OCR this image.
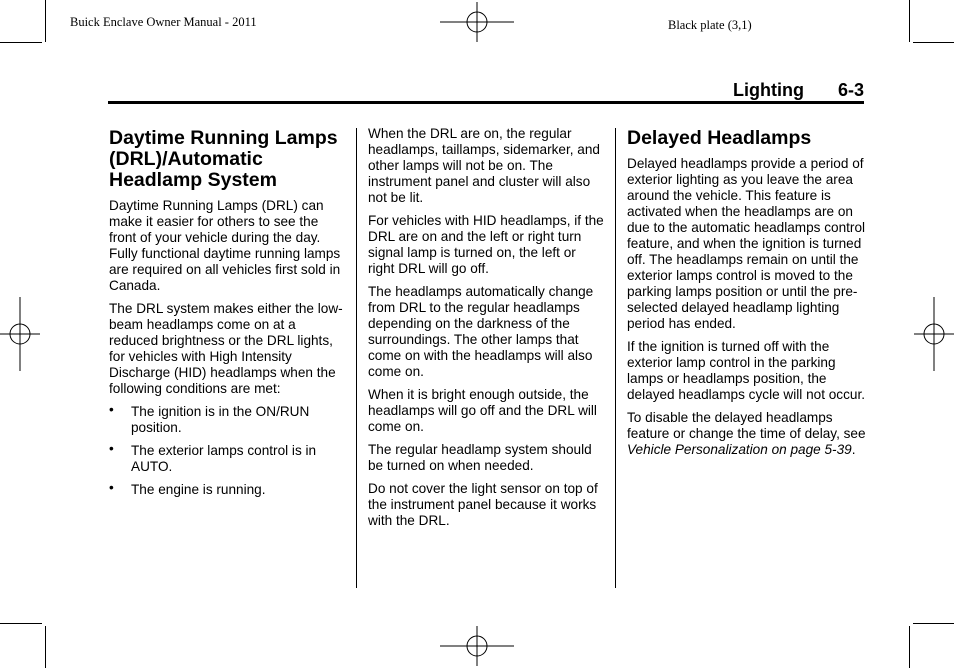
Buick Enclave Owner Manual - 2011	Black plate (3,1)
Lighting 6-3
Daytime Running Lamps (DRL)/Automatic Headlamp System

Daytime Running Lamps (DRL) can make it easier for others to see the front of your vehicle during the day. Fully functional daytime running lamps are required on all vehicles first sold in Canada.

The DRL system makes either the low-beam headlamps come on at a reduced brightness or the DRL lights, for vehicles with High Intensity Discharge (HID) headlamps when the following conditions are met:

• The ignition is in the ON/RUN position.
• The exterior lamps control is in AUTO.
• The engine is running.

When the DRL are on, the regular headlamps, taillamps, sidemarker, and other lamps will not be on. The instrument panel and cluster will also not be lit.

For vehicles with HID headlamps, if the DRL are on and the left or right turn signal lamp is turned on, the left or right DRL will go off.

The headlamps automatically change from DRL to the regular headlamps depending on the darkness of the surroundings. The other lamps that come on with the headlamps will also come on.

When it is bright enough outside, the headlamps will go off and the DRL will come on.

The regular headlamp system should be turned on when needed.

Do not cover the light sensor on top of the instrument panel because it works with the DRL.

Delayed Headlamps

Delayed headlamps provide a period of exterior lighting as you leave the area around the vehicle. This feature is activated when the headlamps are on due to the automatic headlamps control feature, and when the ignition is turned off. The headlamps remain on until the exterior lamps control is moved to the parking lamps position or until the pre-selected delayed headlamp lighting period has ended.

If the ignition is turned off with the exterior lamp control in the parking lamps or headlamps position, the delayed headlamps cycle will not occur.

To disable the delayed headlamps feature or change the time of delay, see Vehicle Personalization on page 5-39.
